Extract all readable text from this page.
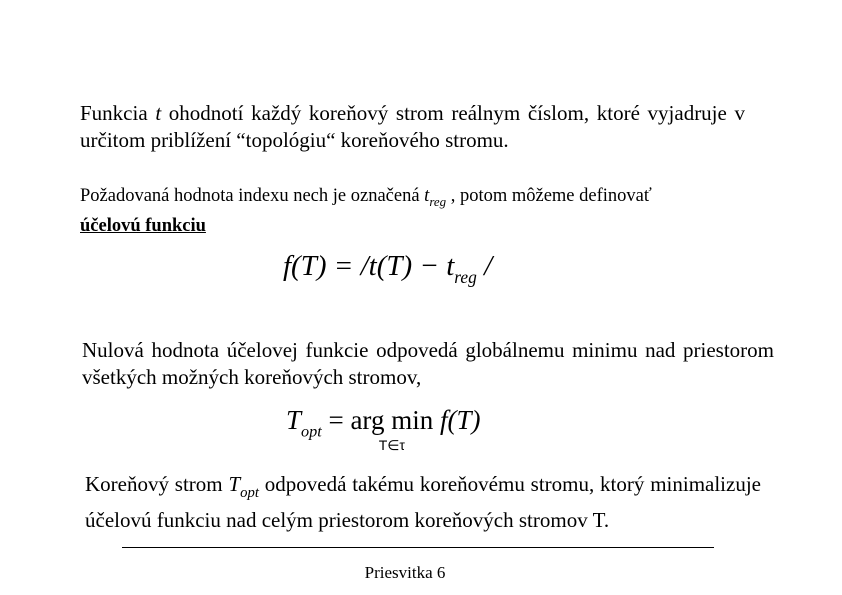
Funkcia t ohodnotí každý koreňový strom reálnym číslom, ktoré vyjadruje v určitom priblížení “topológiu“ koreňového stromu.
Požadovaná hodnota indexu nech je označená $t_{reg}$ , potom môžeme definovať
účelovú funkciu
$f(T) = /t(T) - t_{reg}$ /
Nulová hodnota účelovej funkcie odpovedá globálnemu minimu nad priestorom všetkých možných koreňových stromov,
$T_{opt}$ = arg min
T∈τ
f(T)
Koreňový strom $T_{opt}$ odpovedá takému koreňovému stromu, ktorý minimalizuje účelovú funkciu nad celým priestorom koreňových stromov T.
Priesvitka 6
